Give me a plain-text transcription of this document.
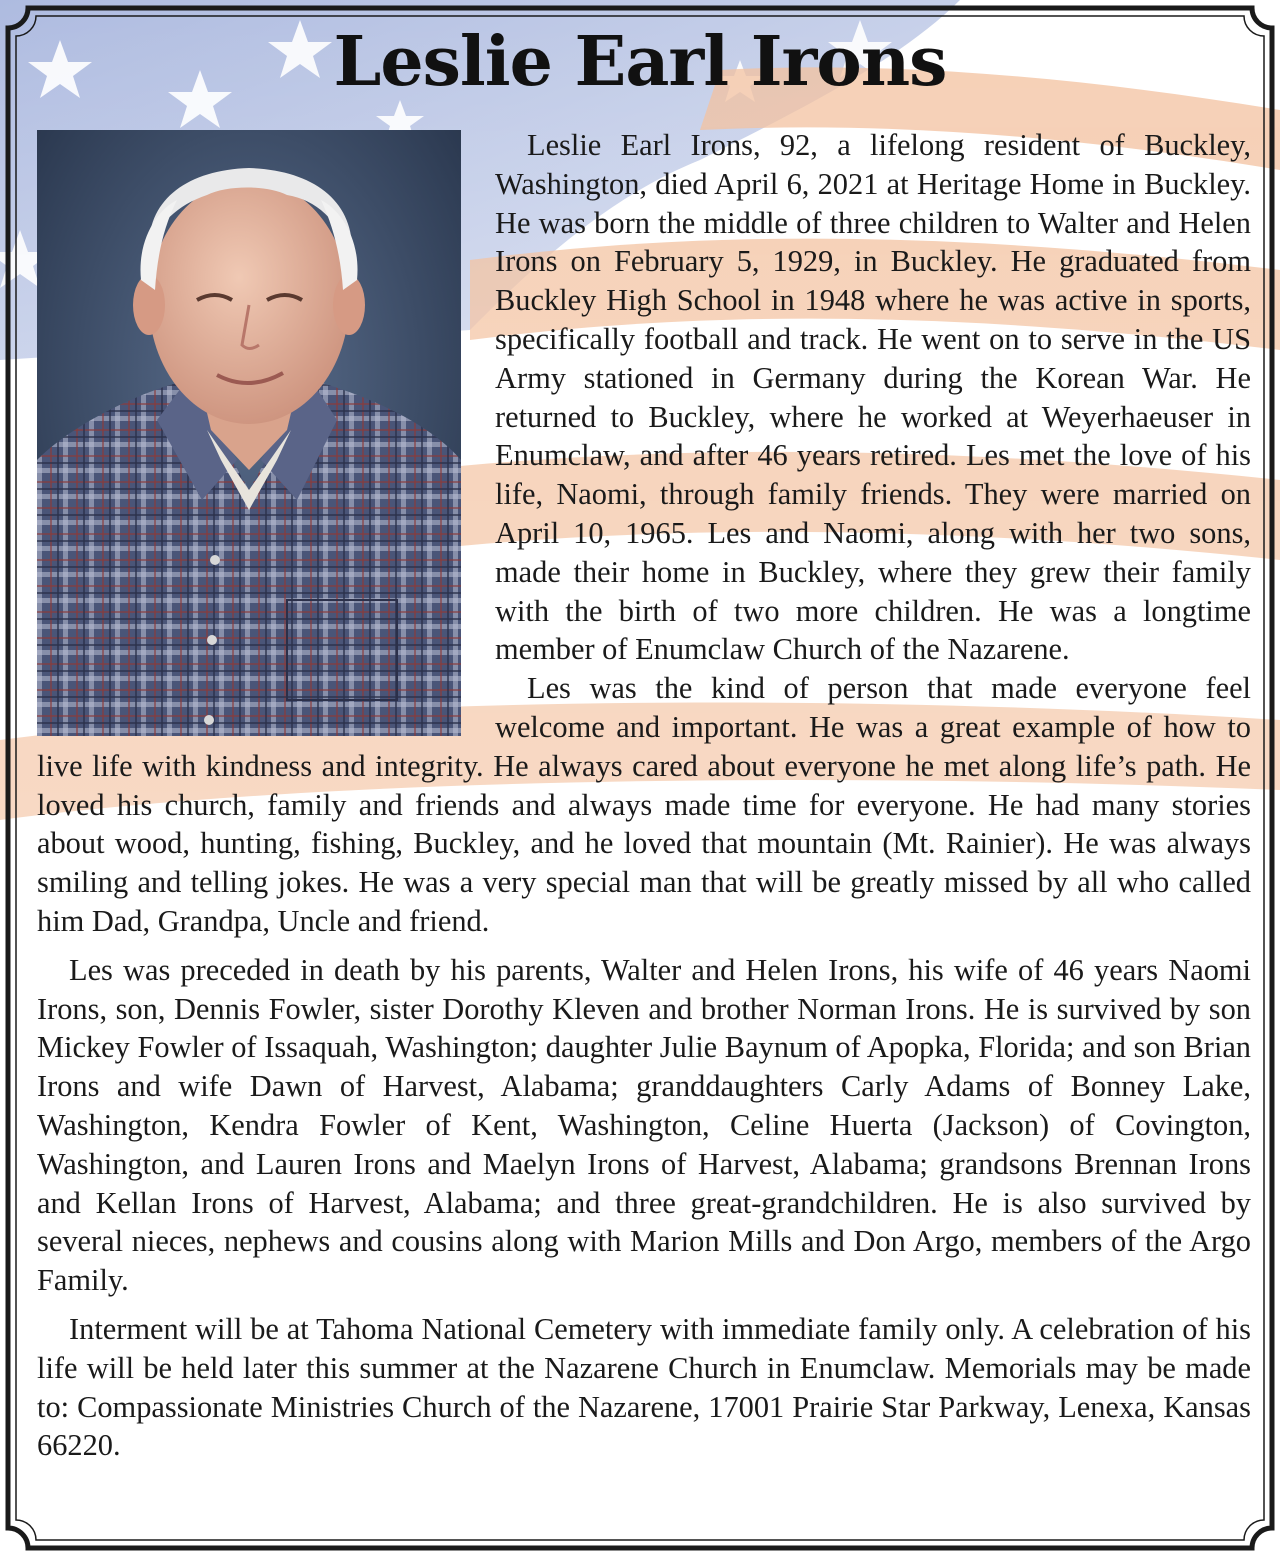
Leslie Earl Irons

Leslie Earl Irons, 92, a lifelong resident of Buckley, Washington, died April 6, 2021 at Heritage Home in Buckley. He was born the middle of three children to Walter and Helen Irons on February 5, 1929, in Buckley. He graduated from Buckley High School in 1948 where he was active in sports, specifically football and track. He went on to serve in the US Army stationed in Germany during the Korean War. He returned to Buckley, where he worked at Weyerhaeuser in Enumclaw, and after 46 years retired. Les met the love of his life, Naomi, through family friends. They were married on April 10, 1965. Les and Naomi, along with her two sons, made their home in Buckley, where they grew their family with the birth of two more children. He was a longtime member of Enumclaw Church of the Nazarene.

Les was the kind of person that made everyone feel welcome and important. He was a great example of how to live life with kindness and integrity. He always cared about everyone he met along life’s path. He loved his church, family and friends and always made time for everyone. He had many stories about wood, hunting, fishing, Buckley, and he loved that mountain (Mt. Rainier). He was always smiling and telling jokes. He was a very special man that will be greatly missed by all who called him Dad, Grandpa, Uncle and friend.

Les was preceded in death by his parents, Walter and Helen Irons, his wife of 46 years Naomi Irons, son, Dennis Fowler, sister Dorothy Kleven and brother Norman Irons. He is survived by son Mickey Fowler of Issaquah, Washington; daughter Julie Baynum of Apopka, Florida; and son Brian Irons and wife Dawn of Harvest, Alabama; granddaughters Carly Adams of Bonney Lake, Washington, Kendra Fowler of Kent, Washington, Celine Huerta (Jackson) of Covington, Washington, and Lauren Irons and Maelyn Irons of Harvest, Alabama; grandsons Brennan Irons and Kellan Irons of Harvest, Alabama; and three great-grandchildren. He is also survived by several nieces, nephews and cousins along with Marion Mills and Don Argo, members of the Argo Family.

Interment will be at Tahoma National Cemetery with immediate family only. A celebration of his life will be held later this summer at the Nazarene Church in Enumclaw. Memorials may be made to: Compassionate Ministries Church of the Nazarene, 17001 Prairie Star Parkway, Lenexa, Kansas 66220.
